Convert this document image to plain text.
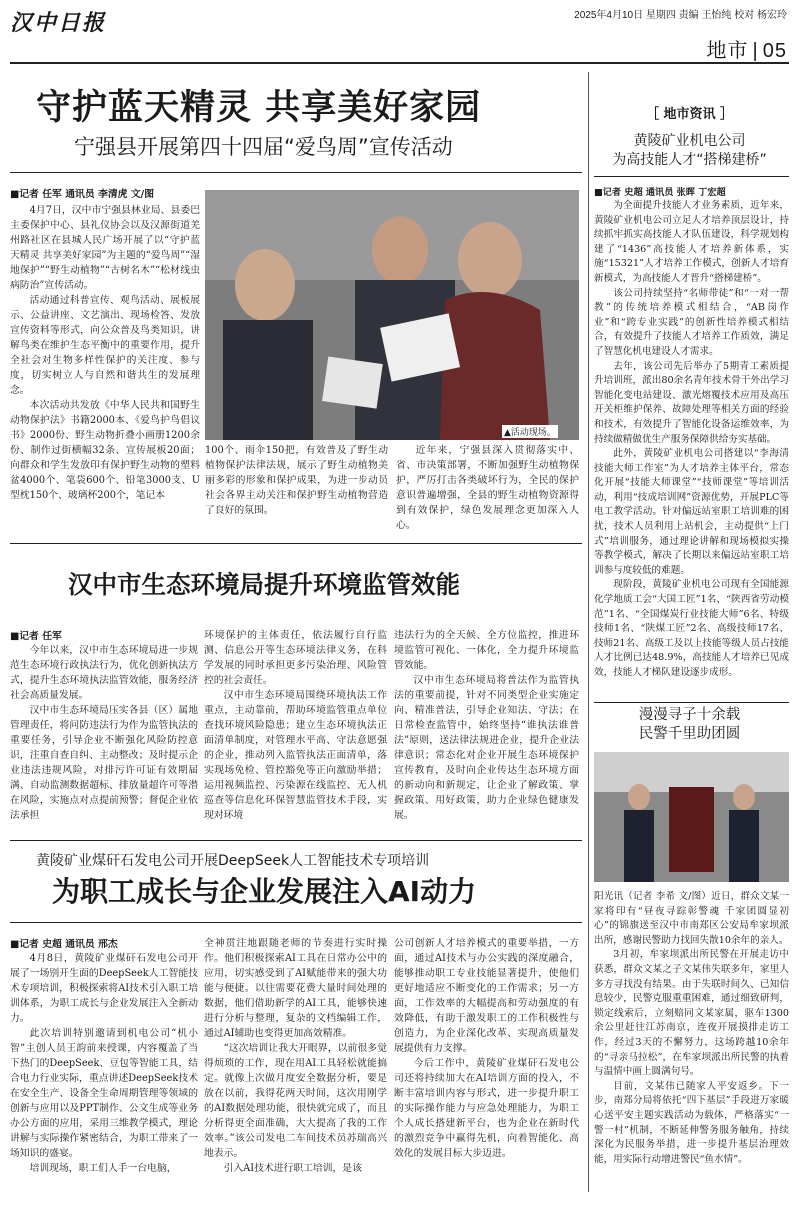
汉中日报	2025年4月10日 星期四 责编 王怡纯 校对 杨宏玲
地市 | 05
守护蓝天精灵 共享美好家园
宁强县开展第四十四届“爱鸟周”宣传活动
■记者 任军 通讯员 李清虎 文/图

4月7日，汉中市宁强县林业局、县委巴主委保护中心、县礼仪协会以及汉源街道羌州路社区在县城人民广场开展了以“守护蓝天精灵 共享美好家园”为主题的“爱鸟周”“湿地保护”“野生动植物”“古树名木”“松材线虫病防治”宣传活动。

活动通过科普宣传、观鸟活动、展板展示、公益讲座、文艺演出、现场检答、发放宣传资料等形式，向公众普及鸟类知识，讲解鸟类在维护生态平衡中的重要作用，提升全社会对生物多样性保护的关注度、参与度，切实树立人与自然和谐共生的发展理念。

本次活动共发放《中华人民共和国野生动物保护法》书籍2000本、《爱鸟护鸟倡议书》2000份、野生动物折叠小画册1200余份、制作过街横幅32条、宣传展板20面；向群众和学生发放印有保护野生动物的塑料盆4000个、笔袋600个、铅笔3000支、U型枕150个、玻璃杯200个，笔记本

▲活动现场。

100个、雨伞150把，有效普及了野生动植物保护法律法规，展示了野生动植物美丽多彩的形象和保护成果，为进一步动员社会各界主动关注和保护野生动植物营造了良好的氛围。

近年来，宁强县深入贯彻落实中、省、市决策部署，不断加强野生动植物保护，严厉打击各类破坏行为，全民的保护意识普遍增强，全县的野生动植物资源得到有效保护，绿色发展理念更加深入人心。

［ 地市资讯 ］
黄陵矿业机电公司
为高技能人才“搭梯建桥”
■记者 史超 通讯员 张晖 丁宏超

为全面提升技能人才业务素质，近年来，黄陵矿业机电公司立足人才培养顶层设计，持续抓牢抓实高技能人才队伍建设，科学规划构建了“1436”高技能人才培养新体系，实施“15321”人才培养工作模式，创新人才培育新模式，为高技能人才晋升“搭梯建桥”。

该公司持续坚持“名师带徒”和“一对一帮教”的传统培养模式相结合，“AB岗作业”和“跨专业实践”的创新性培养模式相结合，有效提升了技能人才培养工作质效，满足了智慧化机电建设人才需求。

去年，该公司先后举办了5期青工素质提升培训班，派出80余名青年技术骨干外出学习智能化变电站建设、激光熔覆技术应用及高压开关柜维护保养、故障处理等相关方面的经验和技术，有效提升了智能化设备运维效率，为持续做精做优生产服务保障供给夯实基础。

此外，黄陵矿业机电公司搭建以“李海清技能大师工作室”为人才培养主体平台，常态化开展“技能大师课堂”“技师课堂”等培训活动，利用“技成培训网”资源优势，开展PLC等电工教学活动。针对偏远站室职工培训难的困扰，技术人员利用上站机会，主动提供“上门式”培训服务，通过理论讲解和现场模拟实操等教学模式，解决了长期以来偏远站室职工培训参与度较低的难题。

现阶段，黄陵矿业机电公司现有全国能源化学地质工会“大国工匠”1名、“陕西省劳动模范”1名、“全国煤炭行业技能大师”6名、特级技师1名、“陕煤工匠”2名、高级技师17名、技师21名、高级工及以上技能等级人员占技能人才比例已达48.9%，高技能人才培养已见成效，技能人才梯队建设逐步成形。

漫漫寻子十余载
民警千里助团圆

阳光讯（记者 李希 文/图）近日，群众文某一家将印有“昼夜寻踪彰警魂 千家团圆显初心”的锦旗送至汉中市南郑区公安局牟家坝派出所，感谢民警助力找回失散10余年的亲人。

3月初，牟家坝派出所民警在开展走访中获悉，群众文某之子文某伟失联多年，家里人多方寻找没有结果。由于失联时间久、已知信息较少，民警克服重重困难，通过细致研判，锁定线索后，立刻赔同文某家属，驱车1300余公里赶往江苏南京，连夜开展摸排走访工作，经过3天的不懈努力，这场跨越10余年的“寻亲马拉松”，在牟家坝派出所民警的执着与温情中画上圆满句号。

目前，文某伟已随家人平安返乡。下一步，南郑分局将依托“四下基层”手段进万家暖心送平安主题实践活动为载体，严格落实“一警一村”机制，不断延伸警务服务触角，持续深化为民服务举措，进一步提升基层治理效能，用实际行动增进警民“鱼水情”。

汉中市生态环境局提升环境监管效能
■记者 任军

今年以来，汉中市生态环境局进一步规范生态环境行政执法行为，优化创新执法方式，提升生态环境执法监管效能，服务经济社会高质量发展。

汉中市生态环境局压实各县（区）属地管理责任，将问防违法行为作为监管执法的重要任务，引导企业不断强化风险防控意识，注重自查自纠、主动整改；及时提示企业违法违规风险，对排污许可证有效期届满、自动监测数据超标、排放量超许可等潜在风险，实施点对点提前预警；督促企业依法承担

环境保护的主体责任，依法履行自行监测、信息公开等生态环境法律义务，在科学发展的同时承担更多污染治理、风险管控的社会责任。

汉中市生态环境局围绕环境执法工作重点，主动靠前，帮助环境监管重点单位查找环境风险隐患；建立生态环境执法正面清单制度，对管理水平高、守法意愿强的企业，推动列入监管执法正面清单，落实现场免检、管控豁免等正向激励举措；运用视频监控、污染源在线监控、无人机巡查等信息化环保智慧监管技术手段，实现对环境

违法行为的全天候、全方位监控，推进环境监管可视化、一体化，全力提升环境监管效能。

汉中市生态环境局将普法作为监管执法的重要前提，针对不同类型企业实施定向、精准普法，引导企业知法、守法；在日常检查监管中，始终坚持“谁执法谁普法”原则，送法律法规进企业，提升企业法律意识；常态化对企业开展生态环境保护宣传教育，及时向企业传达生态环境方面的新动向和新规定，让企业了解政策、掌握政策、用好政策，助力企业绿色健康发展。

黄陵矿业煤矸石发电公司开展DeepSeek人工智能技术专项培训
为职工成长与企业发展注入AI动力
■记者 史超 通讯员 邢杰

4月8日，黄陵矿业煤矸石发电公司开展了一场别开生面的DeepSeek人工智能技术专项培训，积极探索将AI技术引入职工培训体系，为职工成长与企业发展注入全新动力。

此次培训特别邀请到机电公司“机小智”主创人员王韵前来授课，内容覆盖了当下热门的DeepSeek、豆包等智能工具，结合电力行业实际，重点讲述DeepSeek技术在安全生产、设备全生命周期管理等领域的创新与应用以及PPT制作、公文生成等业务办公方面的应用，采用三维教学模式，理论讲解与实际操作紧密结合，为职工带来了一场知识的盛宴。

培训现场，职工们人手一台电脑，

全神贯注地跟随老师的节奏进行实时操作。他们积极探索AI工具在日常办公中的应用，切实感受到了AI赋能带来的强大功能与便捷。以往需要花费大量时间处理的数据，他们借助新学的AI工具，能够快速进行分析与整理，复杂的文档编辑工作，通过AI辅助也变得更加高效精准。

“这次培训让我大开眼界，以前很多觉得烦琐的工作，现在用AI工具轻松就能搞定。就像上次做月度安全数据分析，要是放在以前，我得花两天时间，这次用刚学的AI数据处理功能，很快就完成了，而且分析得更全面准确，大大提高了我的工作效率。”该公司发电二车间技术员苏瑞高兴地表示。

引入AI技术进行职工培训，是该

公司创新人才培养模式的重要举措，一方面，通过AI技术与办公实践的深度融合，能够推动职工专业技能显著提升，使他们更好地适应不断变化的工作需求；另一方面，工作效率的大幅提高和劳动强度的有效降低，有助于激发职工的工作积极性与创造力，为企业深化改革、实现高质量发展提供有力支撑。

今后工作中，黄陵矿业煤矸石发电公司还将持续加大在AI培训方面的投入，不断丰富培训内容与形式，进一步提升职工的实际操作能力与应急处理能力，为职工个人成长搭建新平台，也为企业在新时代的激烈竞争中赢得先机，向着智能化、高效化的发展目标大步迈进。
